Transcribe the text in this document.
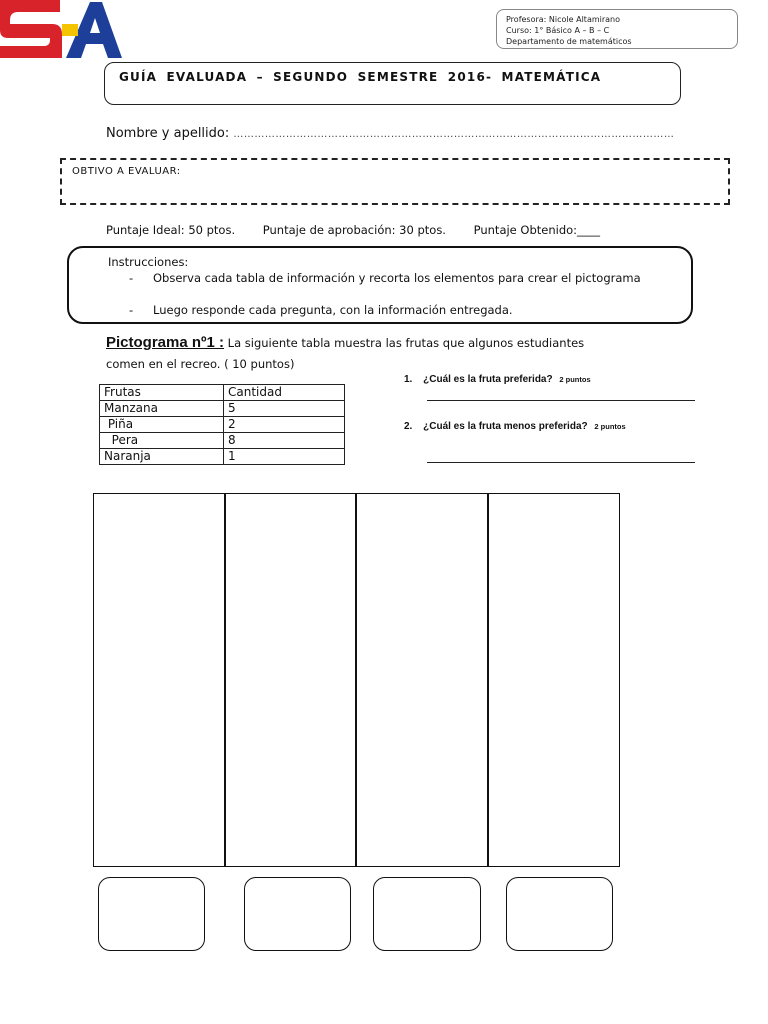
Profesora: Nicole Altamirano
Curso: 1° Básico A – B – C
Departamento de matemáticos
GUÍA EVALUADA – SEGUNDO SEMESTRE 2016- MATEMÁTICA
Nombre y apellido: ………………………………………………………………………………………………………………
OBTIVO A EVALUAR:
Puntaje Ideal: 50 ptos. Puntaje de aprobación: 30 ptos. Puntaje Obtenido:____
Instrucciones:
-	Observa cada tabla de información y recorta los elementos para crear el pictograma
-	Luego responde cada pregunta, con la información entregada.
Pictograma nº1 : La siguiente tabla muestra las frutas que algunos estudiantes
comen en el recreo. ( 10 puntos)
Frutas	Cantidad
Manzana	5
Piña	2
Pera	8
Naranja	1
1. ¿Cuál es la fruta preferida? 2 puntos
2. ¿Cuál es la fruta menos preferida? 2 puntos
